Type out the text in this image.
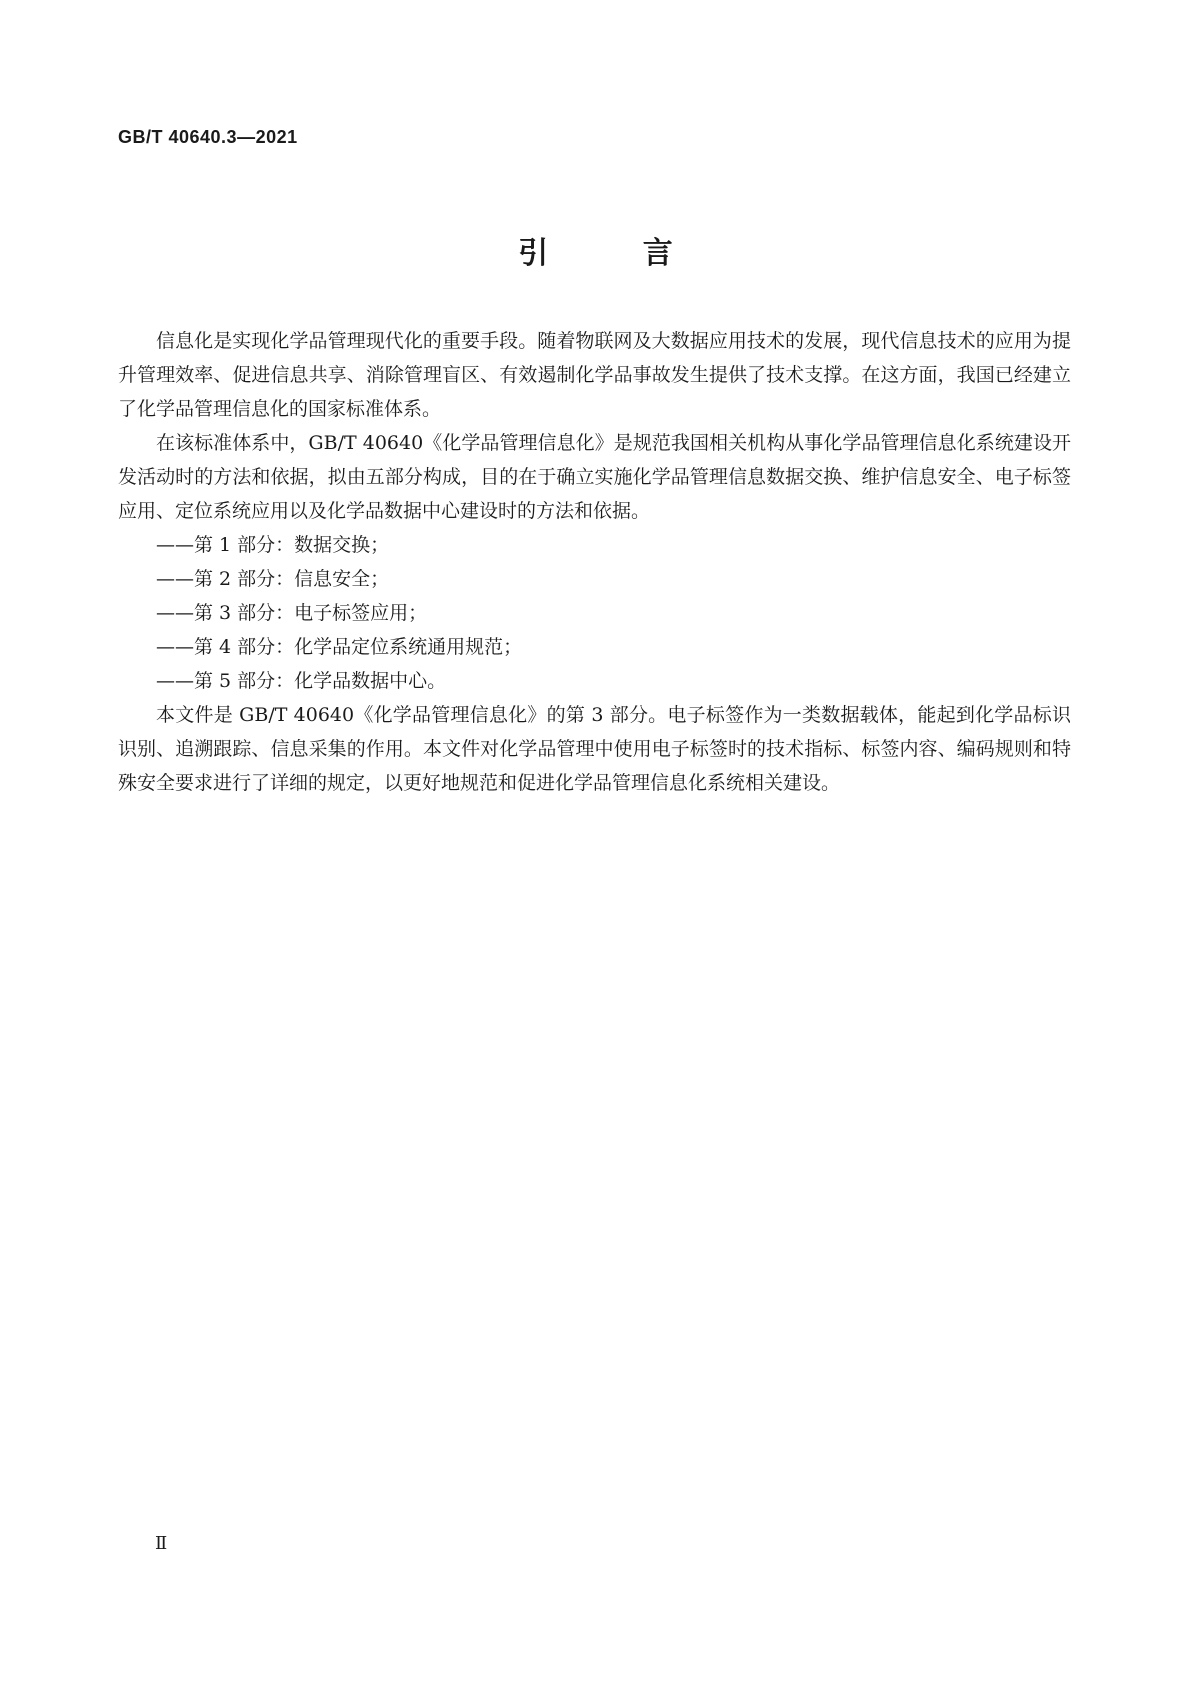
GB/T 40640.3—2021
引 言

信息化是实现化学品管理现代化的重要手段。随着物联网及大数据应用技术的发展，现代信息技术的应用为提升管理效率、促进信息共享、消除管理盲区、有效遏制化学品事故发生提供了技术支撑。在这方面，我国已经建立了化学品管理信息化的国家标准体系。

在该标准体系中，GB/T 40640《化学品管理信息化》是规范我国相关机构从事化学品管理信息化系统建设开发活动时的方法和依据，拟由五部分构成，目的在于确立实施化学品管理信息数据交换、维护信息安全、电子标签应用、定位系统应用以及化学品数据中心建设时的方法和依据。

——第 1 部分：数据交换；

——第 2 部分：信息安全；

——第 3 部分：电子标签应用；

——第 4 部分：化学品定位系统通用规范；

——第 5 部分：化学品数据中心。

本文件是 GB/T 40640《化学品管理信息化》的第 3 部分。电子标签作为一类数据载体，能起到化学品标识识别、追溯跟踪、信息采集的作用。本文件对化学品管理中使用电子标签时的技术指标、标签内容、编码规则和特殊安全要求进行了详细的规定，以更好地规范和促进化学品管理信息化系统相关建设。

Ⅱ
